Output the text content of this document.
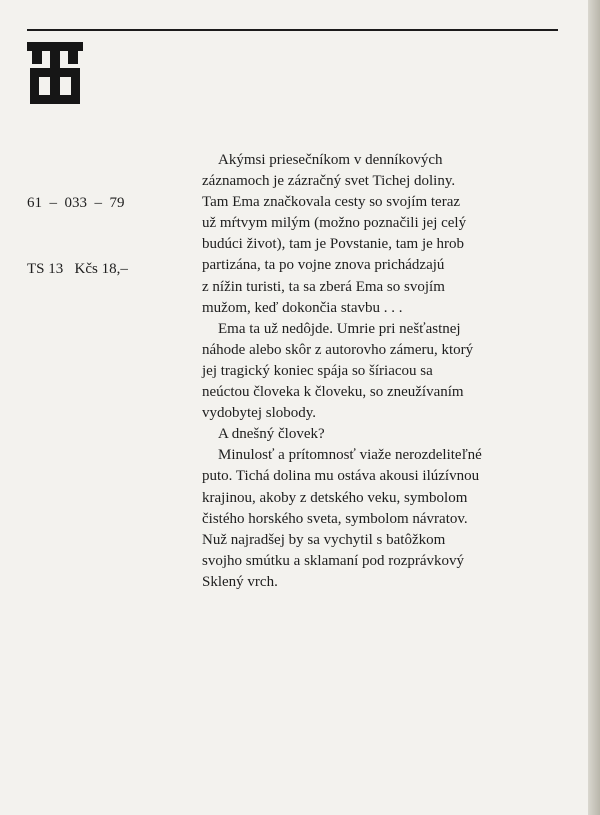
61  –  033  –  79

TS 13   Kčs 18,–

Akýmsi priesečníkom v denníkových
záznamoch je zázračný svet Tichej doliny.
Tam Ema značkovala cesty so svojím teraz
už mŕtvym milým (možno poznačili jej celý
budúci život), tam je Povstanie, tam je hrob
partizána, ta po vojne znova prichádzajú
z nížin turisti, ta sa zberá Ema so svojím
mužom, keď dokončia stavbu . . .
Ema ta už nedôjde. Umrie pri nešťastnej
náhode alebo skôr z autorovho zámeru, ktorý
jej tragický koniec spája so šíriacou sa
neúctou človeka k človeku, so zneužívaním
vydobytej slobody.
A dnešný človek?
Minulosť a prítomnosť viaže nerozdeliteľné
puto. Tichá dolina mu ostáva akousi ilúzívnou
krajinou, akoby z detského veku, symbolom
čistého horského sveta, symbolom návratov.
Nuž najradšej by sa vychytil s batôžkom
svojho smútku a sklamaní pod rozprávkový
Sklený vrch.
